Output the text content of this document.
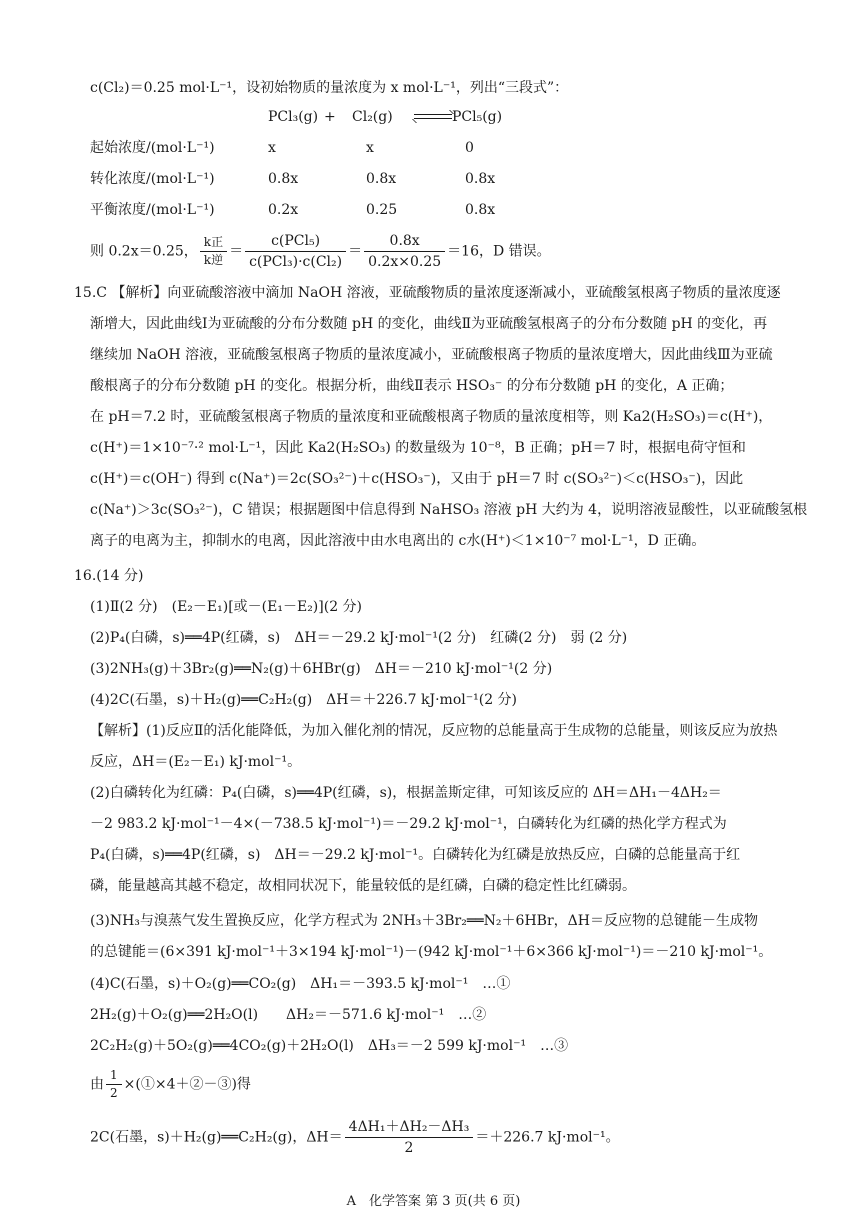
c(Cl₂)＝0.25 mol·L⁻¹，设初始物质的量浓度为 x mol·L⁻¹，列出“三段式”：
PCl₃(g) + Cl₂(g)	PCl₅(g)
起始浓度/(mol·L⁻¹)	x	x	0
转化浓度/(mol·L⁻¹)	0.8x	0.8x	0.8x
平衡浓度/(mol·L⁻¹)	0.2x	0.25	0.8x
则 0.2x＝0.25， $\frac{\text{k正}}{\text{k逆}} = \frac{\text{c(PCl₅)}}{\text{c(PCl₃)·c(Cl₂)}} = \frac{0.8x}{0.2x\times 0.25} =16$，D 错误。
15.C 【解析】向亚硫酸溶液中滴加 NaOH 溶液，亚硫酸物质的量浓度逐渐减小，亚硫酸氢根离子物质的量浓度逐
渐增大，因此曲线Ⅰ为亚硫酸的分布分数随 pH 的变化，曲线Ⅱ为亚硫酸氢根离子的分布分数随 pH 的变化，再
继续加 NaOH 溶液，亚硫酸氢根离子物质的量浓度减小，亚硫酸根离子物质的量浓度增大，因此曲线Ⅲ为亚硫
酸根离子的分布分数随 pH 的变化。根据分析，曲线Ⅱ表示 HSO₃⁻ 的分布分数随 pH 的变化，A 正确；
在 pH＝7.2 时，亚硫酸氢根离子物质的量浓度和亚硫酸根离子物质的量浓度相等，则 Ka2(H₂SO₃)＝c(H⁺)，
c(H⁺)＝1×10⁻⁷·² mol·L⁻¹，因此 Ka2(H₂SO₃) 的数量级为 10⁻⁸，B 正确；pH＝7 时，根据电荷守恒和
c(H⁺)＝c(OH⁻) 得到 c(Na⁺)＝2c(SO₃²⁻)＋c(HSO₃⁻)，又由于 pH＝7 时 c(SO₃²⁻)＜c(HSO₃⁻)，因此
c(Na⁺)＞3c(SO₃²⁻)，C 错误；根据题图中信息得到 NaHSO₃ 溶液 pH 大约为 4，说明溶液显酸性，以亚硫酸氢根
离子的电离为主，抑制水的电离，因此溶液中由水电离出的 c水(H⁺)＜1×10⁻⁷ mol·L⁻¹，D 正确。
16.(14 分)
(1)Ⅱ(2 分)　(E₂－E₁)[或－(E₁－E₂)](2 分)
(2)P₄(白磷，s)══4P(红磷，s)　ΔH＝－29.2 kJ·mol⁻¹(2 分)　红磷(2 分)　弱 (2 分)
(3)2NH₃(g)＋3Br₂(g)══N₂(g)＋6HBr(g)　ΔH＝－210 kJ·mol⁻¹(2 分)
(4)2C(石墨，s)＋H₂(g)══C₂H₂(g)　ΔH＝＋226.7 kJ·mol⁻¹(2 分)
【解析】(1)反应Ⅱ的活化能降低，为加入催化剂的情况，反应物的总能量高于生成物的总能量，则该反应为放热
反应，ΔH＝(E₂－E₁) kJ·mol⁻¹。
(2)白磷转化为红磷：P₄(白磷，s)══4P(红磷，s)，根据盖斯定律，可知该反应的 ΔH＝ΔH₁－4ΔH₂＝
－2 983.2 kJ·mol⁻¹－4×(－738.5 kJ·mol⁻¹)＝－29.2 kJ·mol⁻¹，白磷转化为红磷的热化学方程式为
P₄(白磷，s)══4P(红磷，s)　ΔH＝－29.2 kJ·mol⁻¹。白磷转化为红磷是放热反应，白磷的总能量高于红
磷，能量越高其越不稳定，故相同状况下，能量较低的是红磷，白磷的稳定性比红磷弱。
(3)NH₃与溴蒸气发生置换反应，化学方程式为 2NH₃＋3Br₂══N₂＋6HBr，ΔH＝反应物的总键能－生成物
的总键能＝(6×391 kJ·mol⁻¹＋3×194 kJ·mol⁻¹)－(942 kJ·mol⁻¹＋6×366 kJ·mol⁻¹)＝－210 kJ·mol⁻¹。
(4)C(石墨，s)＋O₂(g)══CO₂(g)　ΔH₁＝－393.5 kJ·mol⁻¹　…①
2H₂(g)＋O₂(g)══2H₂O(l)　　ΔH₂＝－571.6 kJ·mol⁻¹　…②
2C₂H₂(g)＋5O₂(g)══4CO₂(g)＋2H₂O(l)　ΔH₃＝－2 599 kJ·mol⁻¹　…③
由 $\frac{1}{2}$ ×(①×4＋②－③)得
2C(石墨，s)＋H₂(g)══C₂H₂(g)，$\Delta H= \frac{\text{4ΔH₁＋ΔH₂－ΔH₃}}{2} =+226.7$ kJ·mol⁻¹。
A　化学答案 第 3 页(共 6 页)
